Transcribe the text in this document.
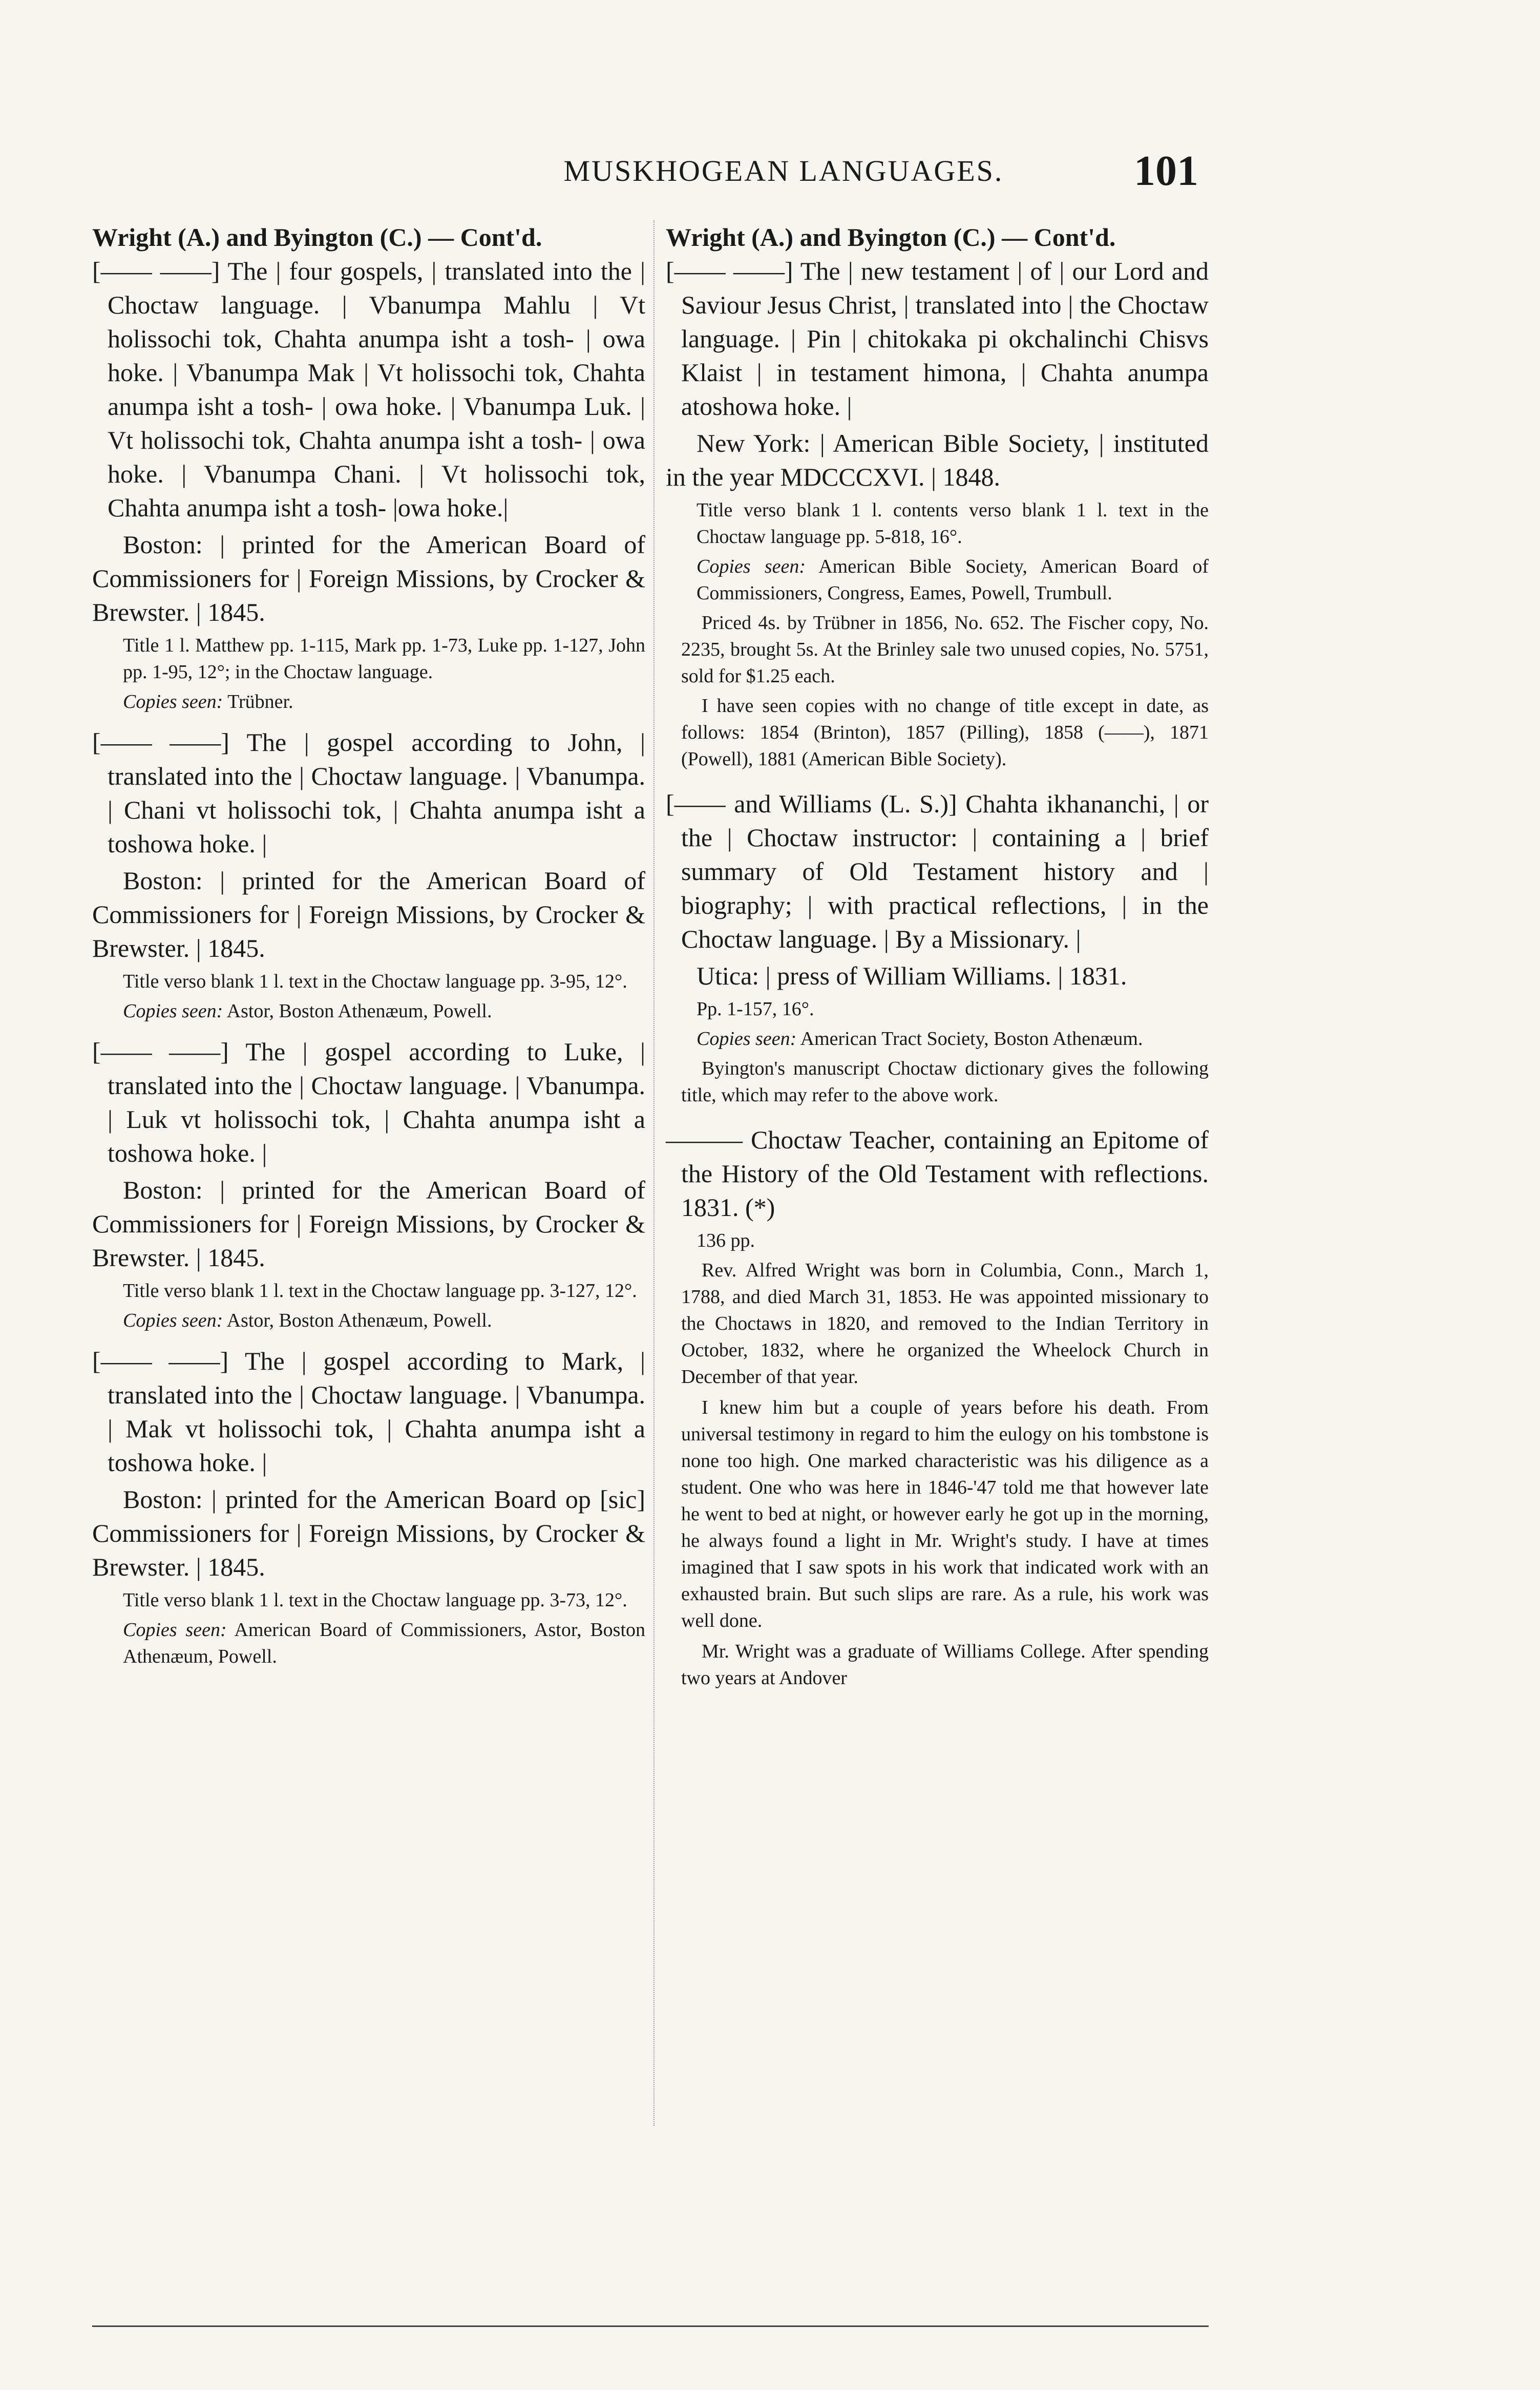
MUSKHOGEAN LANGUAGES.	101
Wright (A.) and Byington (C.) — Cont'd.
[—— ——] The | four gospels, | translated into the | Choctaw language. | Vbanumpa Mahlu | Vt holissochi tok, Chahta anumpa isht a tosh- | owa hoke. | Vbanumpa Mak | Vt holissochi tok, Chahta anumpa isht a tosh- | owa hoke. | Vbanumpa Luk. | Vt holissochi tok, Chahta anumpa isht a tosh- | owa hoke. | Vbanumpa Chani. | Vt holissochi tok, Chahta anumpa isht a tosh- |owa hoke.|
Boston: | printed for the American Board of Commissioners for | Foreign Missions, by Crocker & Brewster. | 1845.
Title 1 l. Matthew pp. 1-115, Mark pp. 1-73, Luke pp. 1-127, John pp. 1-95, 12°; in the Choctaw language.
Copies seen: Trübner.
[—— ——] The | gospel according to John, | translated into the | Choctaw language. | Vbanumpa. | Chani vt holissochi tok, | Chahta anumpa isht a toshowa hoke. |
Boston: | printed for the American Board of Commissioners for | Foreign Missions, by Crocker & Brewster. | 1845.
Title verso blank 1 l. text in the Choctaw language pp. 3-95, 12°.
Copies seen: Astor, Boston Athenæum, Powell.
[—— ——] The | gospel according to Luke, | translated into the | Choctaw language. | Vbanumpa. | Luk vt holissochi tok, | Chahta anumpa isht a toshowa hoke. |
Boston: | printed for the American Board of Commissioners for | Foreign Missions, by Crocker & Brewster. | 1845.
Title verso blank 1 l. text in the Choctaw language pp. 3-127, 12°.
Copies seen: Astor, Boston Athenæum, Powell.
[—— ——] The | gospel according to Mark, | translated into the | Choctaw language. | Vbanumpa. | Mak vt holissochi tok, | Chahta anumpa isht a toshowa hoke. |
Boston: | printed for the American Board op [sic] Commissioners for | Foreign Missions, by Crocker & Brewster. | 1845.
Title verso blank 1 l. text in the Choctaw language pp. 3-73, 12°.
Copies seen: American Board of Commissioners, Astor, Boston Athenæum, Powell.
Wright (A.) and Byington (C.) — Cont'd.
[—— ——] The | new testament | of | our Lord and Saviour Jesus Christ, | translated into | the Choctaw language. | Pin | chitokaka pi okchalinchi Chisvs Klaist | in testament himona, | Chahta anumpa atoshowa hoke. |
New York: | American Bible Society, | instituted in the year MDCCCXVI. | 1848.
Title verso blank 1 l. contents verso blank 1 l. text in the Choctaw language pp. 5-818, 16°.
Copies seen: American Bible Society, American Board of Commissioners, Congress, Eames, Powell, Trumbull.
Priced 4s. by Trübner in 1856, No. 652. The Fischer copy, No. 2235, brought 5s. At the Brinley sale two unused copies, No. 5751, sold for $1.25 each.
I have seen copies with no change of title except in date, as follows: 1854 (Brinton), 1857 (Pilling), 1858 (——), 1871 (Powell), 1881 (American Bible Society).
[—— and Williams (L. S.)] Chahta ikhananchi, | or the | Choctaw instructor: | containing a | brief summary of Old Testament history and | biography; | with practical reflections, | in the Choctaw language. | By a Missionary. |
Utica: | press of William Williams. | 1831.
Pp. 1-157, 16°.
Copies seen: American Tract Society, Boston Athenæum.
Byington's manuscript Choctaw dictionary gives the following title, which may refer to the above work.
——— Choctaw Teacher, containing an Epitome of the History of the Old Testament with reflections. 1831. (*)
136 pp.
Rev. Alfred Wright was born in Columbia, Conn., March 1, 1788, and died March 31, 1853. He was appointed missionary to the Choctaws in 1820, and removed to the Indian Territory in October, 1832, where he organized the Wheelock Church in December of that year.
I knew him but a couple of years before his death. From universal testimony in regard to him the eulogy on his tombstone is none too high. One marked characteristic was his diligence as a student. One who was here in 1846-'47 told me that however late he went to bed at night, or however early he got up in the morning, he always found a light in Mr. Wright's study. I have at times imagined that I saw spots in his work that indicated work with an exhausted brain. But such slips are rare. As a rule, his work was well done.
Mr. Wright was a graduate of Williams College. After spending two years at Andover
